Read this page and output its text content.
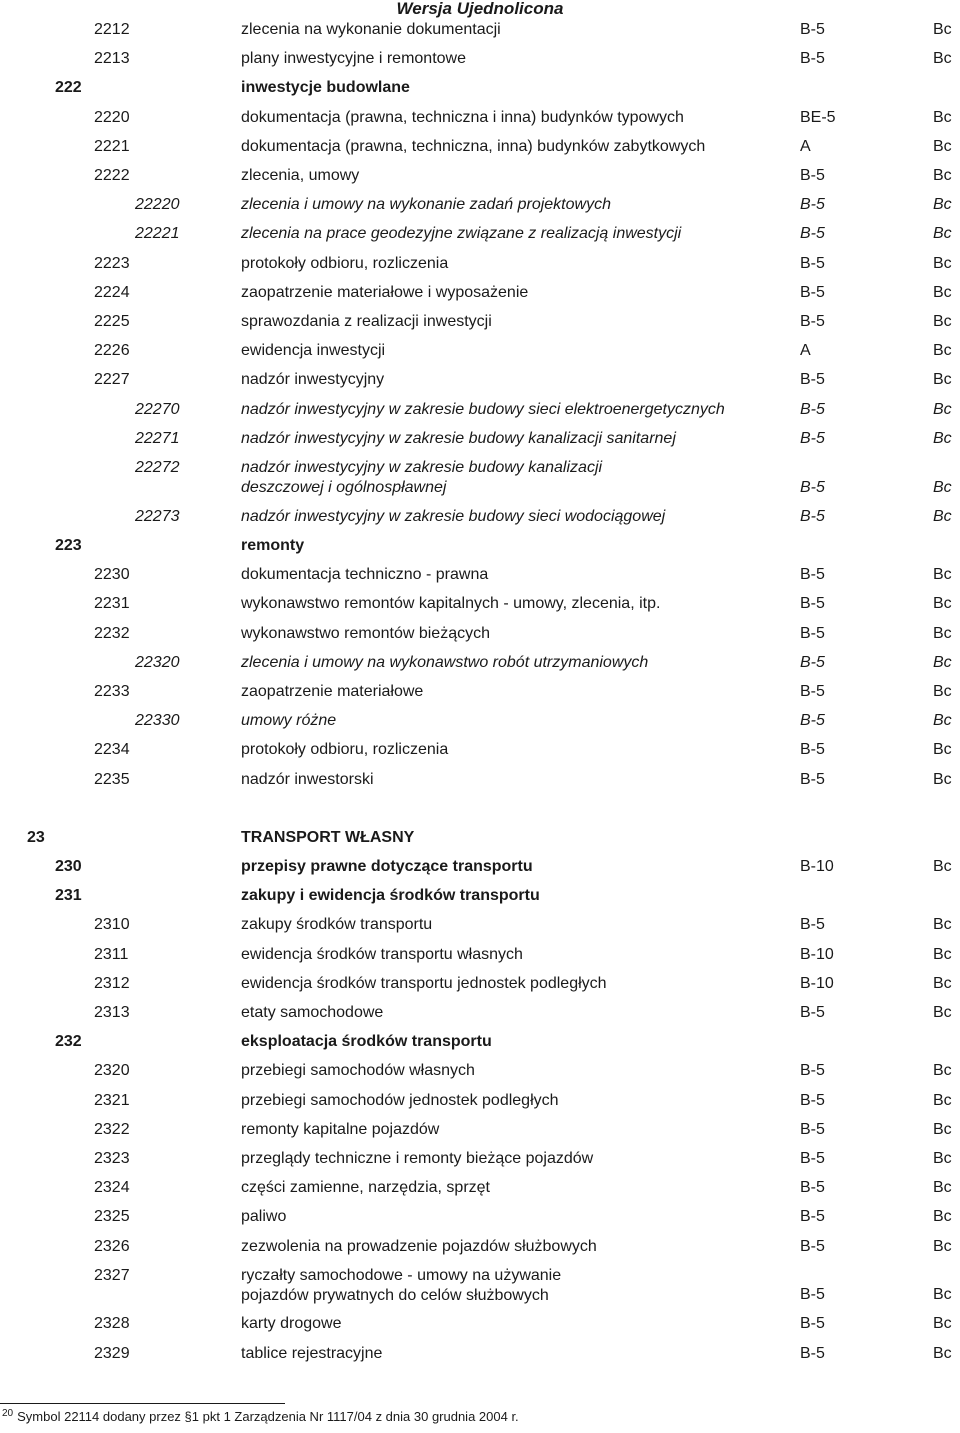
Wersja Ujednolicona
2212	zlecenia na wykonanie dokumentacji	B-5	Bc
2213	plany inwestycyjne i remontowe	B-5	Bc
222	inwestycje budowlane
2220	dokumentacja (prawna, techniczna i inna) budynków typowych	BE-5	Bc
2221	dokumentacja (prawna, techniczna, inna) budynków zabytkowych	A	Bc
2222	zlecenia, umowy	B-5	Bc
22220	zlecenia i umowy na wykonanie zadań projektowych	B-5	Bc
22221	zlecenia na prace geodezyjne związane z realizacją inwestycji	B-5	Bc
2223	protokoły odbioru, rozliczenia	B-5	Bc
2224	zaopatrzenie materiałowe i wyposażenie	B-5	Bc
2225	sprawozdania z realizacji inwestycji	B-5	Bc
2226	ewidencja inwestycji	A	Bc
2227	nadzór inwestycyjny	B-5	Bc
22270	nadzór inwestycyjny w zakresie budowy sieci elektroenergetycznych	B-5	Bc
22271	nadzór inwestycyjny w zakresie budowy kanalizacji sanitarnej	B-5	Bc
22272	nadzór inwestycyjny w zakresie budowy kanalizacji
deszczowej i ogólnospławnej	B-5	Bc
22273	nadzór inwestycyjny w zakresie budowy sieci wodociągowej	B-5	Bc
223	remonty
2230	dokumentacja techniczno - prawna	B-5	Bc
2231	wykonawstwo remontów kapitalnych - umowy, zlecenia, itp.	B-5	Bc
2232	wykonawstwo remontów bieżących	B-5	Bc
22320	zlecenia i umowy na wykonawstwo robót utrzymaniowych	B-5	Bc
2233	zaopatrzenie materiałowe	B-5	Bc
22330	umowy różne	B-5	Bc
2234	protokoły odbioru, rozliczenia	B-5	Bc
2235	nadzór inwestorski	B-5	Bc
23	TRANSPORT WŁASNY
230	przepisy prawne dotyczące transportu	B-10	Bc
231	zakupy i ewidencja środków transportu
2310	zakupy środków transportu	B-5	Bc
2311	ewidencja środków transportu własnych	B-10	Bc
2312	ewidencja środków transportu jednostek podległych	B-10	Bc
2313	etaty samochodowe	B-5	Bc
232	eksploatacja środków transportu
2320	przebiegi samochodów własnych	B-5	Bc
2321	przebiegi samochodów jednostek podległych	B-5	Bc
2322	remonty kapitalne pojazdów	B-5	Bc
2323	przeglądy techniczne i remonty bieżące pojazdów	B-5	Bc
2324	części zamienne, narzędzia, sprzęt	B-5	Bc
2325	paliwo	B-5	Bc
2326	zezwolenia na prowadzenie pojazdów służbowych	B-5	Bc
2327	ryczałty samochodowe - umowy na używanie
pojazdów prywatnych do celów służbowych	B-5	Bc
2328	karty drogowe	B-5	Bc
2329	tablice rejestracyjne	B-5	Bc
$^{20}$ Symbol 22114 dodany przez §1 pkt 1 Zarządzenia Nr 1117/04 z dnia 30 grudnia 2004 r.
